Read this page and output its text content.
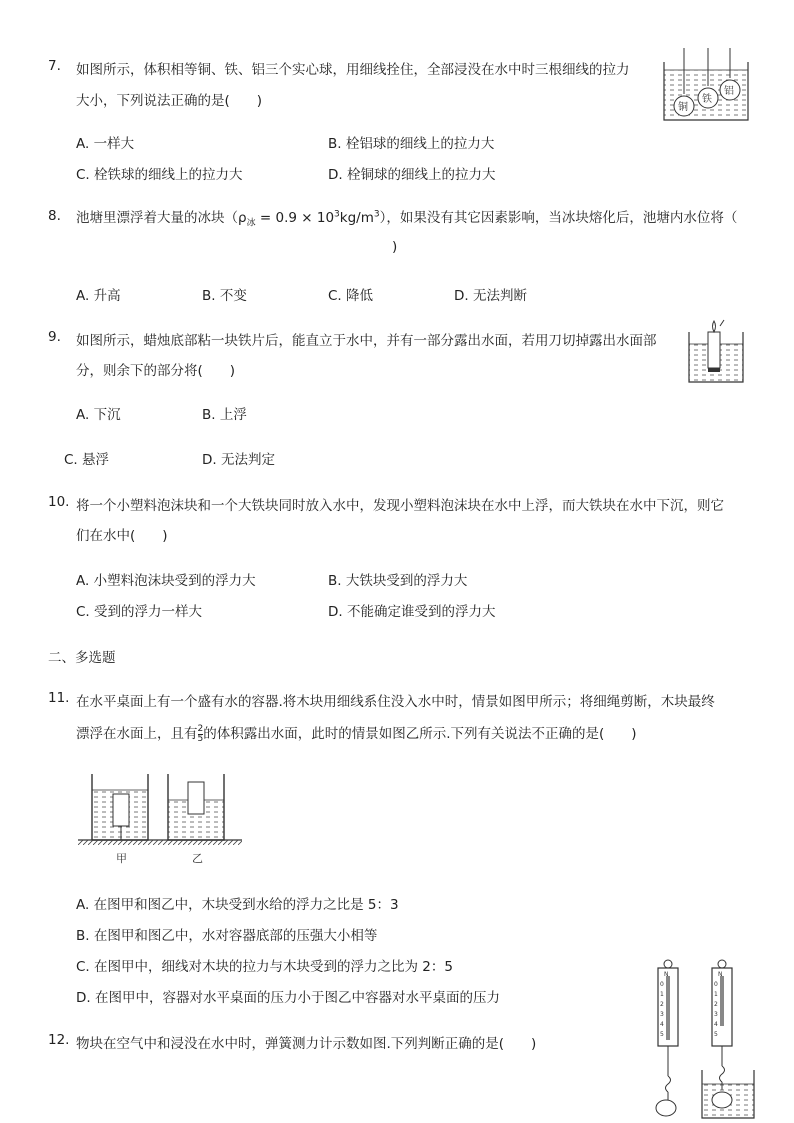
7. 如图所示，体积相等铜、铁、铝三个实心球，用细线拴住，全部浸没在水中时三根细线的拉力
大小，下列说法正确的是(　　)
A. 一样大	B. 栓铝球的细线上的拉力大
C. 栓铁球的细线上的拉力大	D. 栓铜球的细线上的拉力大
铜
铁
铝
8. 池塘里漂浮着大量的冰块$(\rho_冰 = 0.9 \times 10^3kg/m^3)$，如果没有其它因素影响，当冰块熔化后，池塘内水位将（
)
A. 升高	B. 不变	C. 降低	D. 无法判断
9. 如图所示，蜡烛底部粘一块铁片后，能直立于水中，并有一部分露出水面，若用刀切掉露出水面部
分，则余下的部分将(　　)
A. 下沉	B. 上浮
C. 悬浮	D. 无法判定
10. 将一个小塑料泡沫块和一个大铁块同时放入水中，发现小塑料泡沫块在水中上浮，而大铁块在水中下沉，则它
们在水中(　　)
A. 小塑料泡沫块受到的浮力大	B. 大铁块受到的浮力大
C. 受到的浮力一样大	D. 不能确定谁受到的浮力大
二、多选题
11. 在水平桌面上有一个盛有水的容器.将木块用细线系住没入水中时，情景如图甲所示；将细绳剪断，木块最终
漂浮在水面上，且有 $\frac{2}{5}$ 的体积露出水面，此时的情景如图乙所示.下列有关说法不正确的是(　　)
甲	乙
A. 在图甲和图乙中，木块受到水给的浮力之比是 5：3
B. 在图甲和图乙中，水对容器底部的压强大小相等
C. 在图甲中，细线对木块的拉力与木块受到的浮力之比为 2：5
D. 在图甲中，容器对水平桌面的压力小于图乙中容器对水平桌面的压力
12. 物块在空气中和浸没在水中时，弹簧测力计示数如图.下列判断正确的是(　　)
N
0
1
2
3
4
5
N
0
1
2
3
4
5
